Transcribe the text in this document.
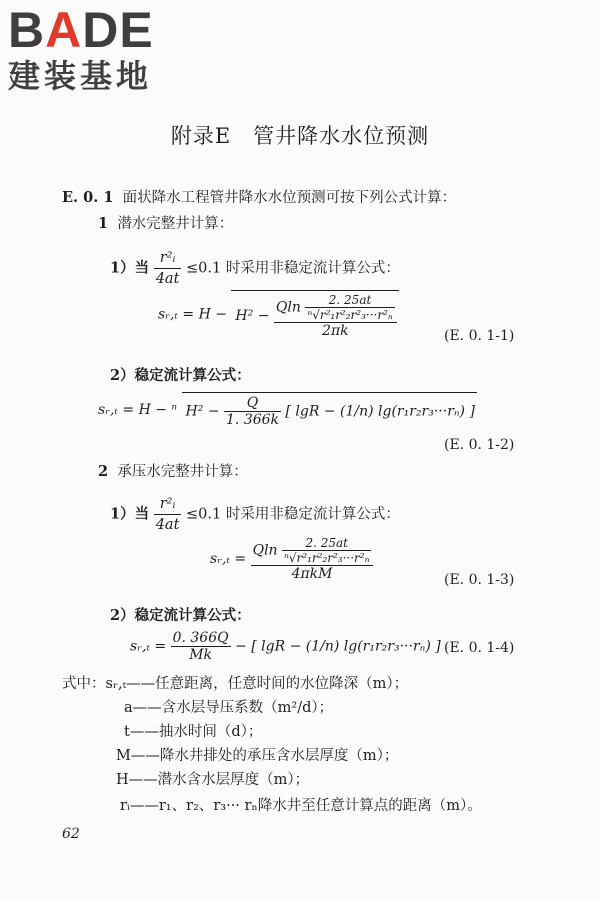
BADE
建装基地
附录E　管井降水水位预测
E. 0. 1 面状降水工程管井降水水位预测可按下列公式计算：
1 潜水完整井计算：
1）当 $\frac{\text{r²ᵢ}}{4at} \le 0.1$ 时采用非稳定流计算公式：
sᵣ,ₜ = $H - H^2 - \frac{Qln \frac{2. 25at}{\text{ⁿ√r²₁r²₂r²₃···r²ₙ}}}{2\pi k}$	(E. 0. 1-1)
2）稳定流计算公式：
sᵣ,ₜ = H − ⁿ $H^2 - \frac{Q}{1. 366k}$ [ lgR − (1/n) lg(r₁r₂r₃···rₙ) ]
(E. 0. 1-2)
2 承压水完整井计算：
1）当 $\frac{\text{r²ᵢ}}{4at} \le 0.1$ 时采用非稳定流计算公式：
sᵣ,ₜ = $\frac{Qln \frac{2. 25at}{\text{ⁿ√r²₁r²₂r²₃···r²ₙ}}}{\text{4πkM}}$	(E. 0. 1-3)
2）稳定流计算公式：
sᵣ,ₜ = $\frac{0. 366Q}{Mk}$ − [ lgR − (1/n) lg(r₁r₂r₃···rₙ) ] (E. 0. 1-4)
式中：sᵣ,ₜ——任意距离，任意时间的水位降深（m）；
a——含水层导压系数（m²/d）；
t——抽水时间（d）；
M——降水井排处的承压含水层厚度（m）；
H——潜水含水层厚度（m）；
rᵢ——r₁、r₂、r₃··· rₙ降水井至任意计算点的距离（m）。
62
